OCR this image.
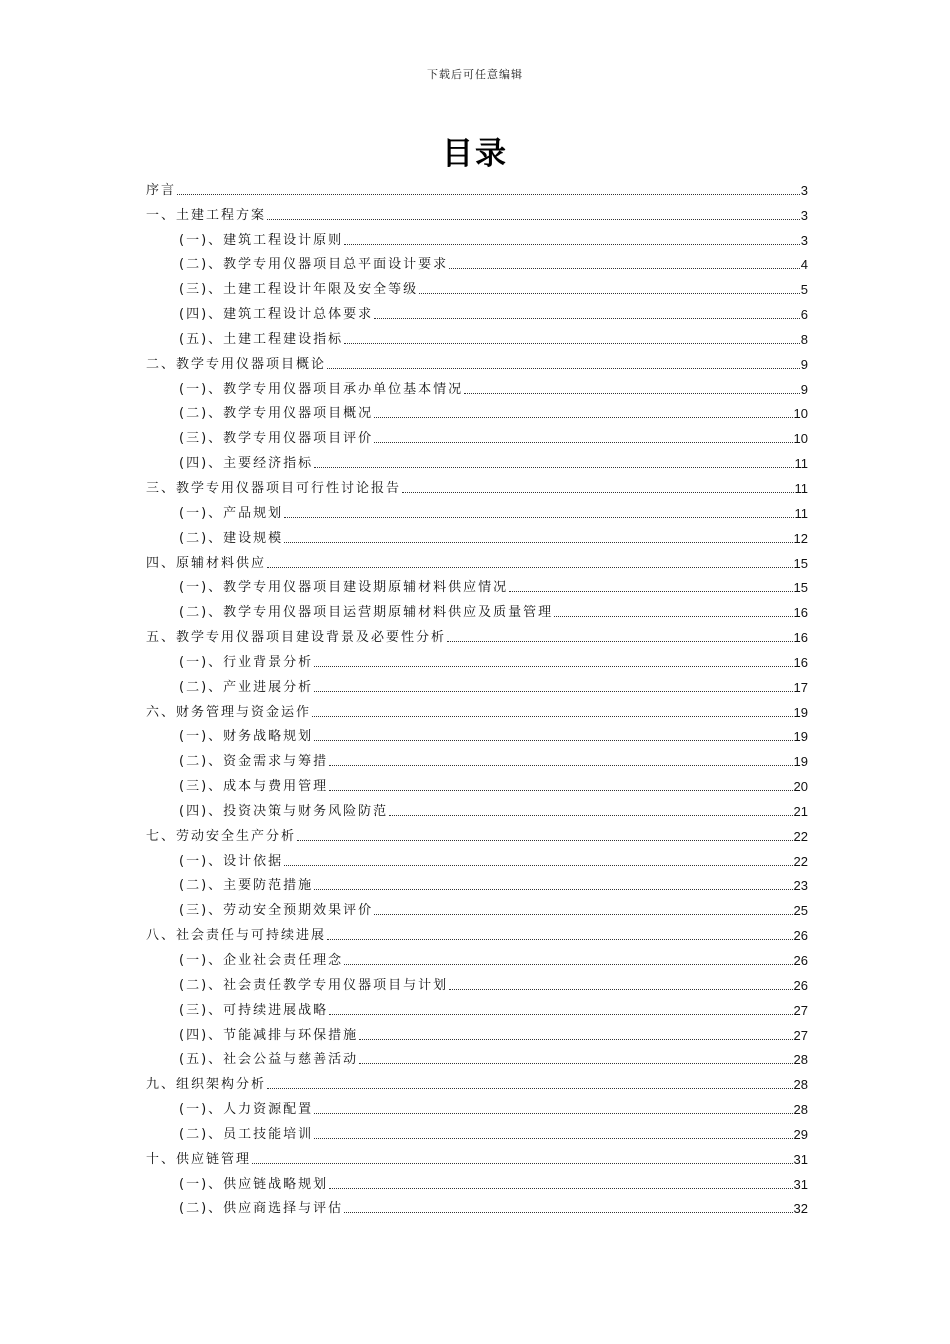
下载后可任意编辑
目录
序言	3
一、土建工程方案	3
(一)、建筑工程设计原则	3
(二)、教学专用仪器项目总平面设计要求	4
(三)、土建工程设计年限及安全等级	5
(四)、建筑工程设计总体要求	6
(五)、土建工程建设指标	8
二、教学专用仪器项目概论	9
(一)、教学专用仪器项目承办单位基本情况	9
(二)、教学专用仪器项目概况	10
(三)、教学专用仪器项目评价	10
(四)、主要经济指标	11
三、教学专用仪器项目可行性讨论报告	11
(一)、产品规划	11
(二)、建设规模	12
四、原辅材料供应	15
(一)、教学专用仪器项目建设期原辅材料供应情况	15
(二)、教学专用仪器项目运营期原辅材料供应及质量管理	16
五、教学专用仪器项目建设背景及必要性分析	16
(一)、行业背景分析	16
(二)、产业进展分析	17
六、财务管理与资金运作	19
(一)、财务战略规划	19
(二)、资金需求与筹措	19
(三)、成本与费用管理	20
(四)、投资决策与财务风险防范	21
七、劳动安全生产分析	22
(一)、设计依据	22
(二)、主要防范措施	23
(三)、劳动安全预期效果评价	25
八、社会责任与可持续进展	26
(一)、企业社会责任理念	26
(二)、社会责任教学专用仪器项目与计划	26
(三)、可持续进展战略	27
(四)、节能减排与环保措施	27
(五)、社会公益与慈善活动	28
九、组织架构分析	28
(一)、人力资源配置	28
(二)、员工技能培训	29
十、供应链管理	31
(一)、供应链战略规划	31
(二)、供应商选择与评估	32
